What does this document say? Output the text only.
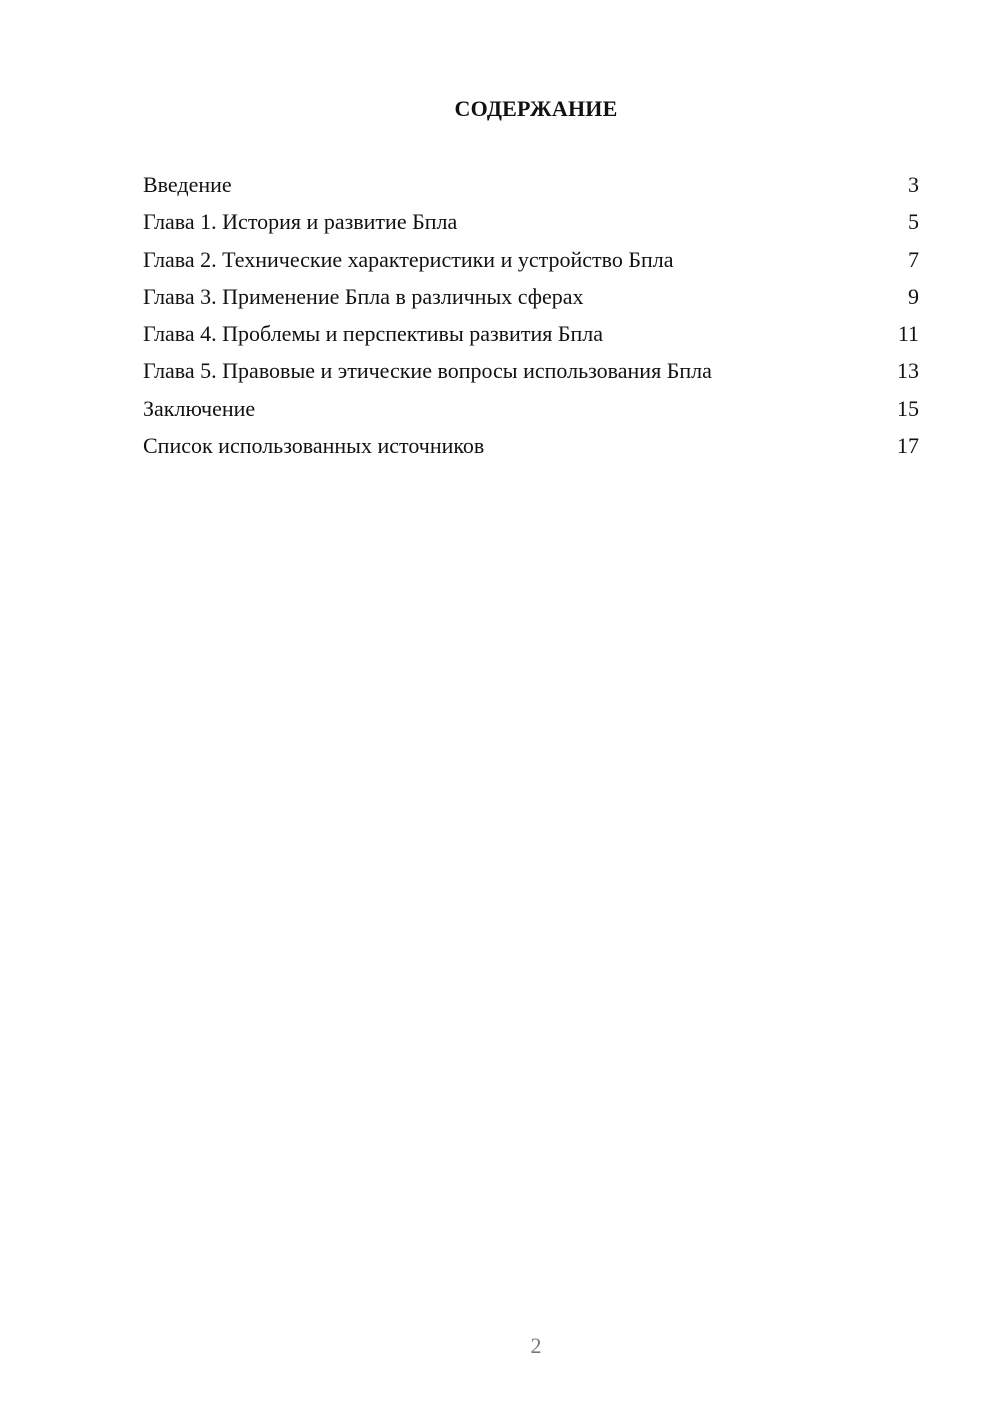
СОДЕРЖАНИЕ
Введение	3
Глава 1. История и развитие Бпла	5
Глава 2. Технические характеристики и устройство Бпла	7
Глава 3. Применение Бпла в различных сферах	9
Глава 4. Проблемы и перспективы развития Бпла	11
Глава 5. Правовые и этические вопросы использования Бпла	13
Заключение	15
Список использованных источников	17
2
